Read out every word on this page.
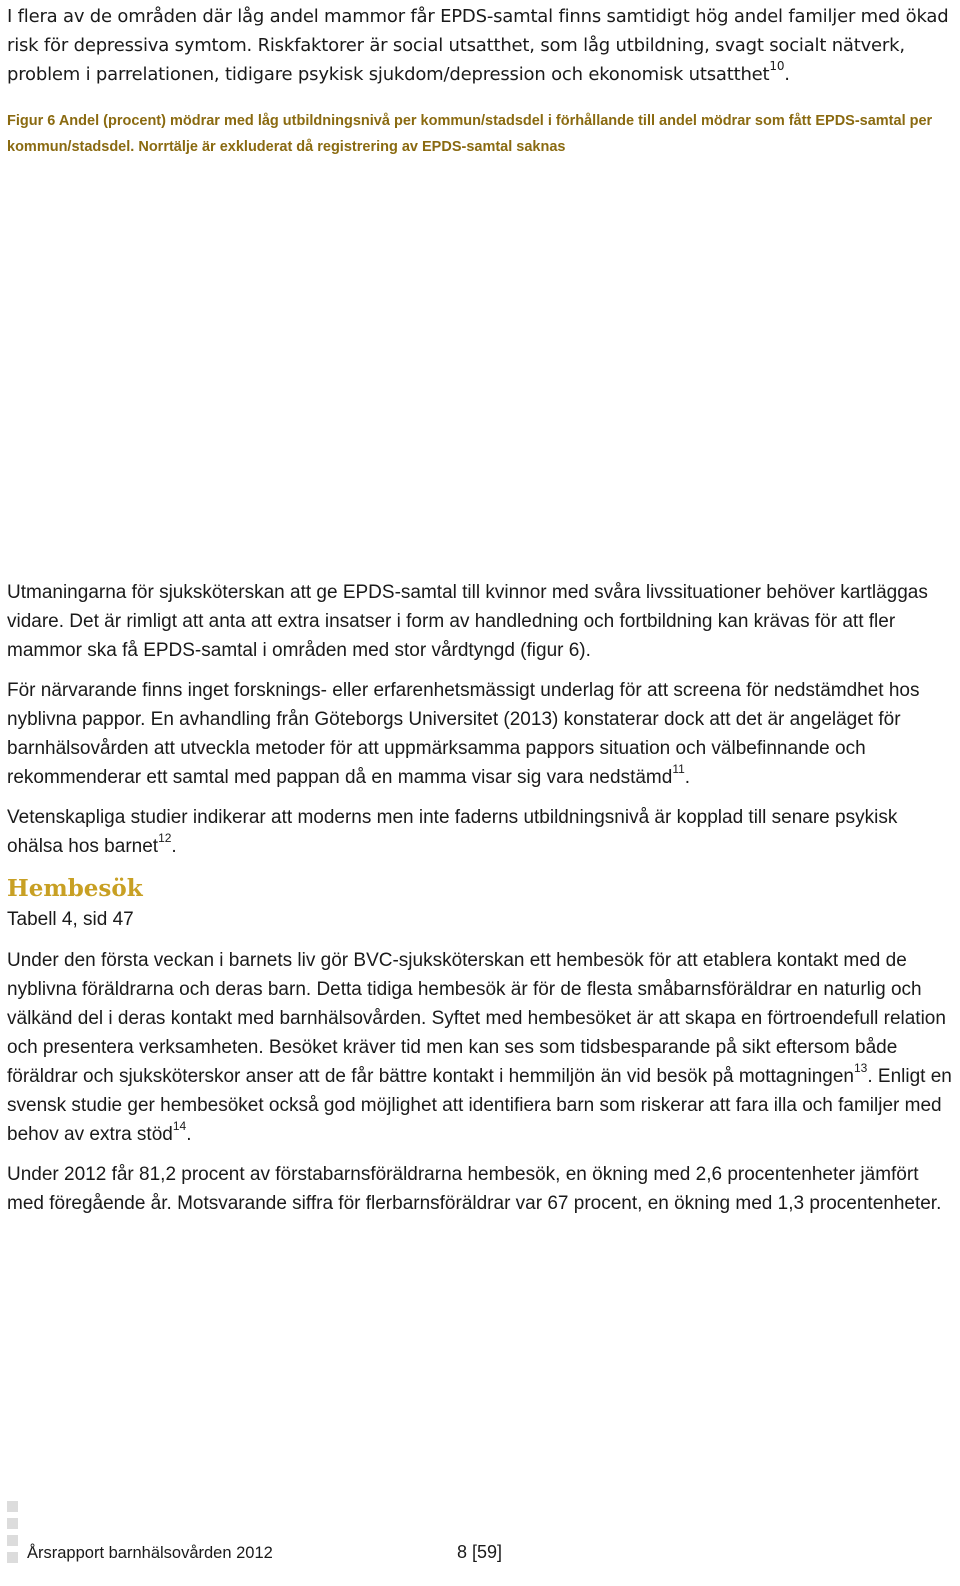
I flera av de områden där låg andel mammor får EPDS-samtal finns samtidigt hög andel familjer med ökad risk för depressiva symtom. Riskfaktorer är social utsatthet, som låg utbildning, svagt socialt nätverk, problem i parrelationen, tidigare psykisk sjukdom/depression och ekonomisk utsatthet$^{10}$.

Figur 6 Andel (procent) mödrar med låg utbildningsnivå per kommun/stadsdel i förhållande till andel mödrar som fått EPDS-samtal per kommun/stadsdel. Norrtälje är exkluderat då registrering av EPDS-samtal saknas

Utmaningarna för sjuksköterskan att ge EPDS-samtal till kvinnor med svåra livssituationer behöver kartläggas vidare. Det är rimligt att anta att extra insatser i form av handledning och fortbildning kan krävas för att fler mammor ska få EPDS-samtal i områden med stor vårdtyngd (figur 6).

För närvarande finns inget forsknings- eller erfarenhetsmässigt underlag för att screena för nedstämdhet hos nyblivna pappor. En avhandling från Göteborgs Universitet (2013) konstaterar dock att det är angeläget för barnhälsovården att utveckla metoder för att uppmärksamma pappors situation och välbefinnande och rekommenderar ett samtal med pappan då en mamma visar sig vara nedstämd$^{11}$.

Vetenskapliga studier indikerar att moderns men inte faderns utbildningsnivå är kopplad till senare psykisk ohälsa hos barnet$^{12}$.

Hembesök
Tabell 4, sid 47

Under den första veckan i barnets liv gör BVC-sjuksköterskan ett hembesök för att etablera kontakt med de nyblivna föräldrarna och deras barn. Detta tidiga hembesök är för de flesta småbarnsföräldrar en naturlig och välkänd del i deras kontakt med barnhälsovården. Syftet med hembesöket är att skapa en förtroendefull relation och presentera verksamheten. Besöket kräver tid men kan ses som tidsbesparande på sikt eftersom både föräldrar och sjuksköterskor anser att de får bättre kontakt i hemmiljön än vid besök på mottagningen$^{13}$. Enligt en svensk studie ger hembesöket också god möjlighet att identifiera barn som riskerar att fara illa och familjer med behov av extra stöd$^{14}$.

Under 2012 får 81,2 procent av förstabarnsföräldrarna hembesök, en ökning med 2,6 procentenheter jämfört med föregående år. Motsvarande siffra för flerbarnsföräldrar var 67 procent, en ökning med 1,3 procentenheter.

Årsrapport barnhälsovården 2012	8 [59]
